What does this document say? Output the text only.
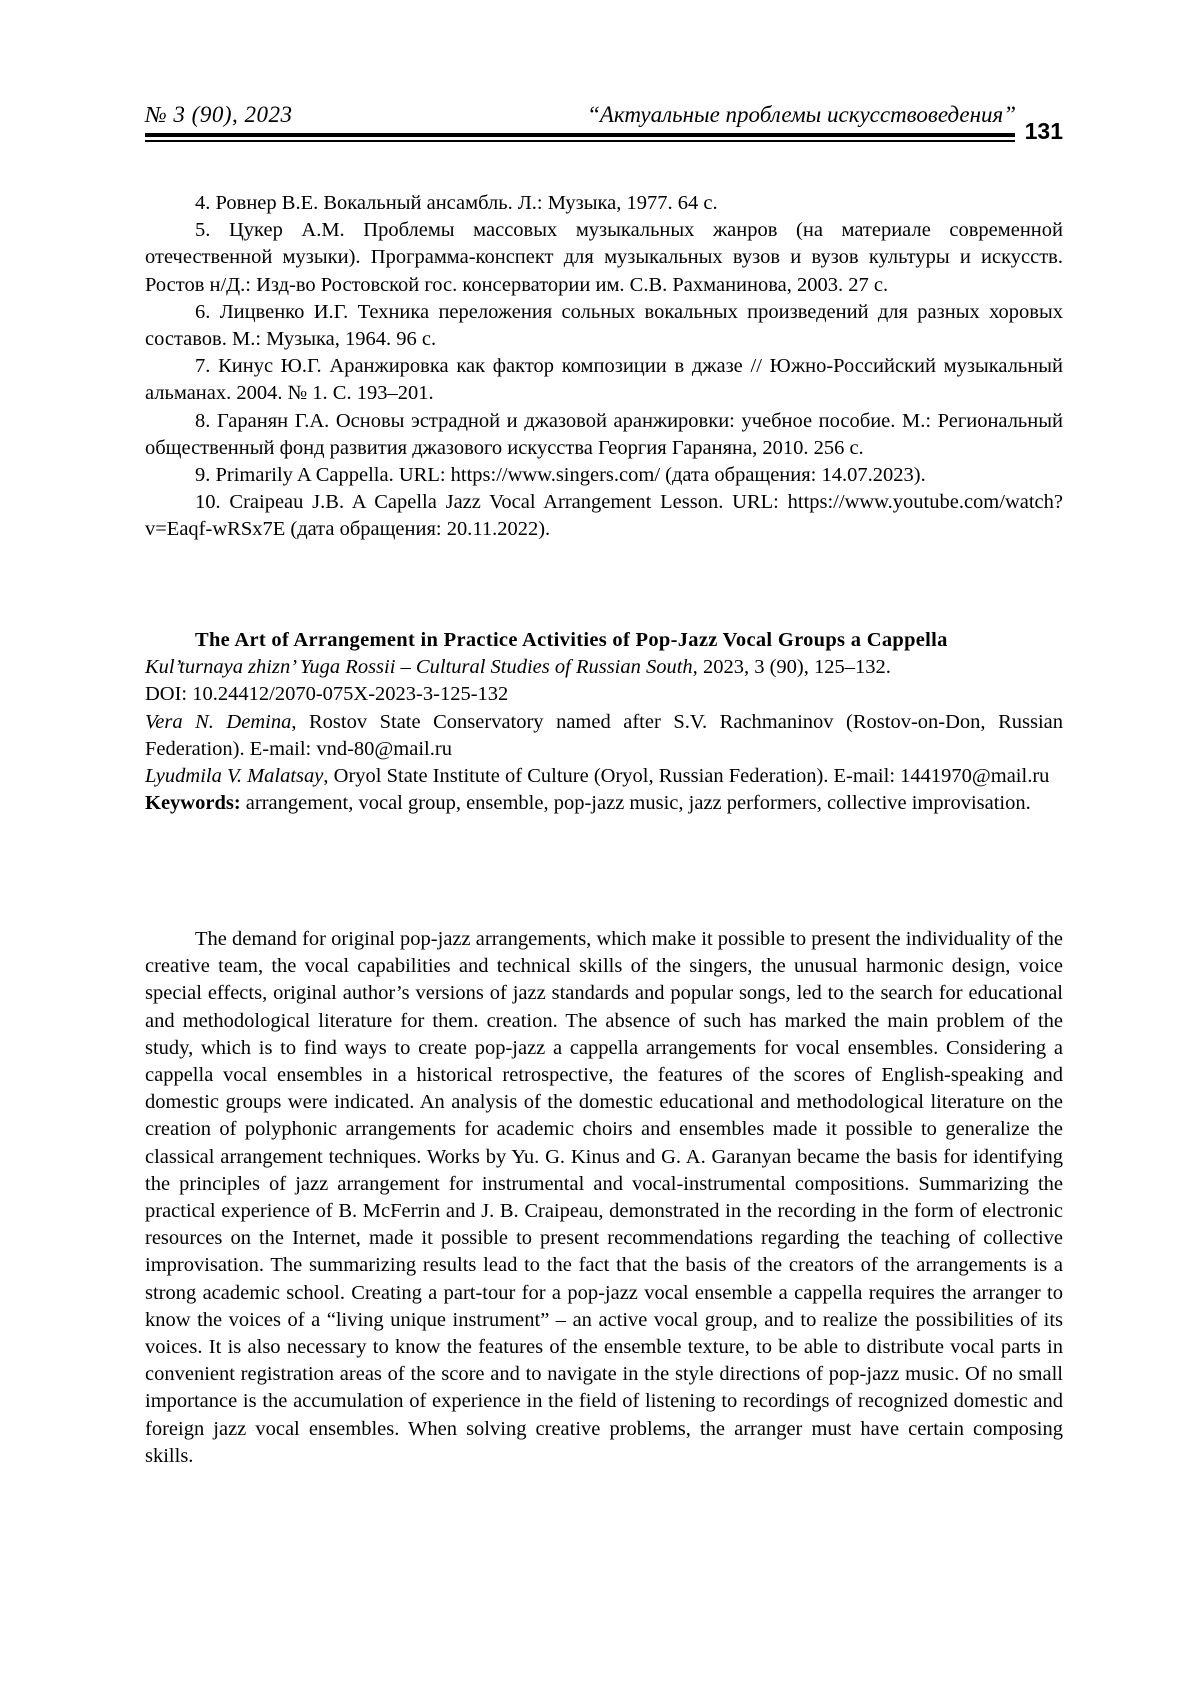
№ 3 (90), 2023	“Актуальные проблемы искусствоведения”
131

4. Ровнер В.Е. Вокальный ансамбль. Л.: Музыка, 1977. 64 с.

5. Цукер А.М. Проблемы массовых музыкальных жанров (на материале современной отечественной музыки). Программа-конспект для музыкальных вузов и вузов культуры и искусств. Ростов н/Д.: Изд-во Ростовской гос. консерватории им. С.В. Рахманинова, 2003. 27 с.

6. Лицвенко И.Г. Техника переложения сольных вокальных произведений для разных хоровых составов. М.: Музыка, 1964. 96 с.

7. Кинус Ю.Г. Аранжировка как фактор композиции в джазе // Южно-Российский музыкальный альманах. 2004. № 1. С. 193–201.

8. Гаранян Г.А. Основы эстрадной и джазовой аранжировки: учебное пособие. М.: Региональный общественный фонд развития джазового искусства Георгия Гараняна, 2010. 256 с.

9. Primarily A Cappella. URL: https://www.singers.com/ (дата обращения: 14.07.2023).

10. Craipeau J.B. A Capella Jazz Vocal Arrangement Lesson. URL: https://www.youtube.com/watch?v=Eaqf-wRSx7E (дата обращения: 20.11.2022).

The Art of Arrangement in Practice Activities of Pop-Jazz Vocal Groups a Cappella

Kul’turnaya zhizn’ Yuga Rossii – Cultural Studies of Russian South, 2023, 3 (90), 125–132.

DOI: 10.24412/2070-075X-2023-3-125-132

Vera N. Demina, Rostov State Conservatory named after S.V. Rachmaninov (Rostov-on-Don, Russian Federation). E-mail: vnd-80@mail.ru

Lyudmila V. Malatsay, Oryol State Institute of Culture (Oryol, Russian Federation). E-mail: 1441970@mail.ru

Keywords: arrangement, vocal group, ensemble, pop-jazz music, jazz performers, collective improvisation.

The demand for original pop-jazz arrangements, which make it possible to present the individuality of the creative team, the vocal capabilities and technical skills of the singers, the unusual harmonic design, voice special effects, original author’s versions of jazz standards and popular songs, led to the search for educational and methodological literature for them. creation. The absence of such has marked the main problem of the study, which is to find ways to create pop-jazz a cappella arrangements for vocal ensembles. Considering a cappella vocal ensembles in a historical retrospective, the features of the scores of English-speaking and domestic groups were indicated. An analysis of the domestic educational and methodological literature on the creation of polyphonic arrangements for academic choirs and ensembles made it possible to generalize the classical arrangement techniques. Works by Yu. G. Kinus and G. A. Garanyan became the basis for identifying the principles of jazz arrangement for instrumental and vocal-instrumental compositions. Summarizing the practical experience of B. McFerrin and J. B. Craipeau, demonstrated in the recording in the form of electronic resources on the Internet, made it possible to present recommendations regarding the teaching of collective improvisation. The summarizing results lead to the fact that the basis of the creators of the arrangements is a strong academic school. Creating a part-tour for a pop-jazz vocal ensemble a cappella requires the arranger to know the voices of a “living unique instrument” – an active vocal group, and to realize the possibilities of its voices. It is also necessary to know the features of the ensemble texture, to be able to distribute vocal parts in convenient registration areas of the score and to navigate in the style directions of pop-jazz music. Of no small importance is the accumulation of experience in the field of listening to recordings of recognized domestic and foreign jazz vocal ensembles. When solving creative problems, the arranger must have certain composing skills.
